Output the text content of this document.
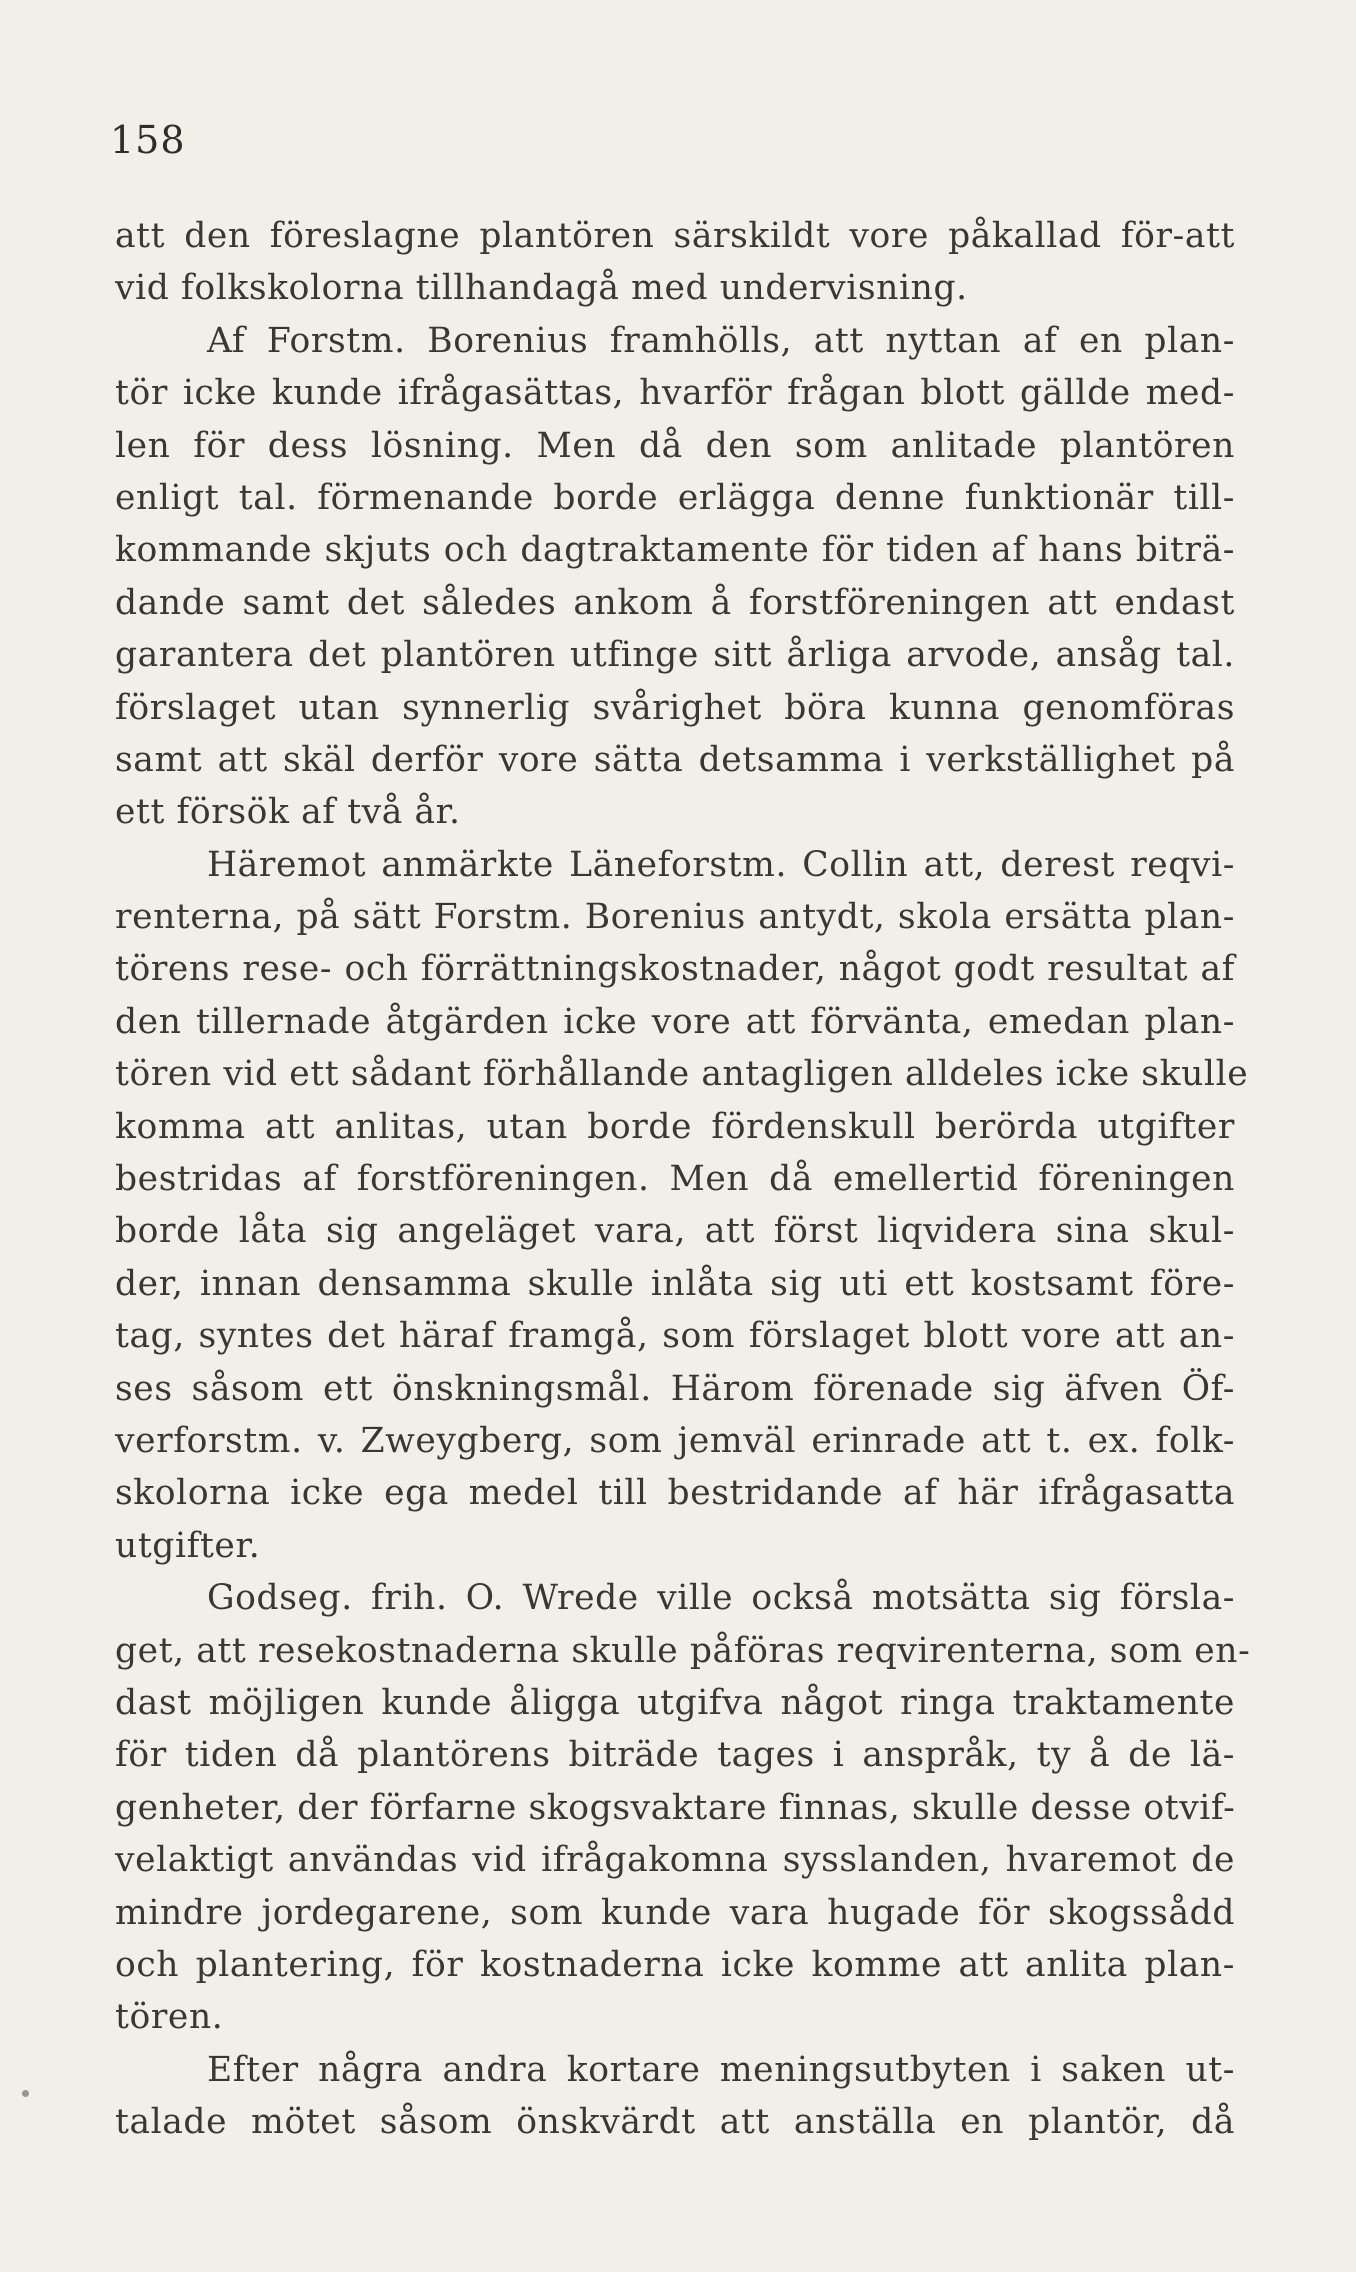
158
att den föreslagne plantören särskildt vore påkallad för-att
vid folkskolorna tillhandagå med undervisning.
Af Forstm. Borenius framhölls, att nyttan af en plan-
tör icke kunde ifrågasättas, hvarför frågan blott gällde med-
len för dess lösning. Men då den som anlitade plantören
enligt tal. förmenande borde erlägga denne funktionär till-
kommande skjuts och dagtraktamente för tiden af hans biträ-
dande samt det således ankom å forstföreningen att endast
garantera det plantören utfinge sitt årliga arvode, ansåg tal.
förslaget utan synnerlig svårighet böra kunna genomföras
samt att skäl derför vore sätta detsamma i verkställighet på
ett försök af två år.
Häremot anmärkte Läneforstm. Collin att, derest reqvi-
renterna, på sätt Forstm. Borenius antydt, skola ersätta plan-
törens rese- och förrättningskostnader, något godt resultat af
den tillernade åtgärden icke vore att förvänta, emedan plan-
tören vid ett sådant förhållande antagligen alldeles icke skulle
komma att anlitas, utan borde fördenskull berörda utgifter
bestridas af forstföreningen. Men då emellertid föreningen
borde låta sig angeläget vara, att först liqvidera sina skul-
der, innan densamma skulle inlåta sig uti ett kostsamt före-
tag, syntes det häraf framgå, som förslaget blott vore att an-
ses såsom ett önskningsmål. Härom förenade sig äfven Öf-
verforstm. v. Zweygberg, som jemväl erinrade att t. ex. folk-
skolorna icke ega medel till bestridande af här ifrågasatta
utgifter.
Godseg. frih. O. Wrede ville också motsätta sig försla-
get, att resekostnaderna skulle påföras reqvirenterna, som en-
dast möjligen kunde åligga utgifva något ringa traktamente
för tiden då plantörens biträde tages i anspråk, ty å de lä-
genheter, der förfarne skogsvaktare finnas, skulle desse otvif-
velaktigt användas vid ifrågakomna sysslanden, hvaremot de
mindre jordegarene, som kunde vara hugade för skogssådd
och plantering, för kostnaderna icke komme att anlita plan-
tören.
Efter några andra kortare meningsutbyten i saken ut-
talade mötet såsom önskvärdt att anställa en plantör, då
